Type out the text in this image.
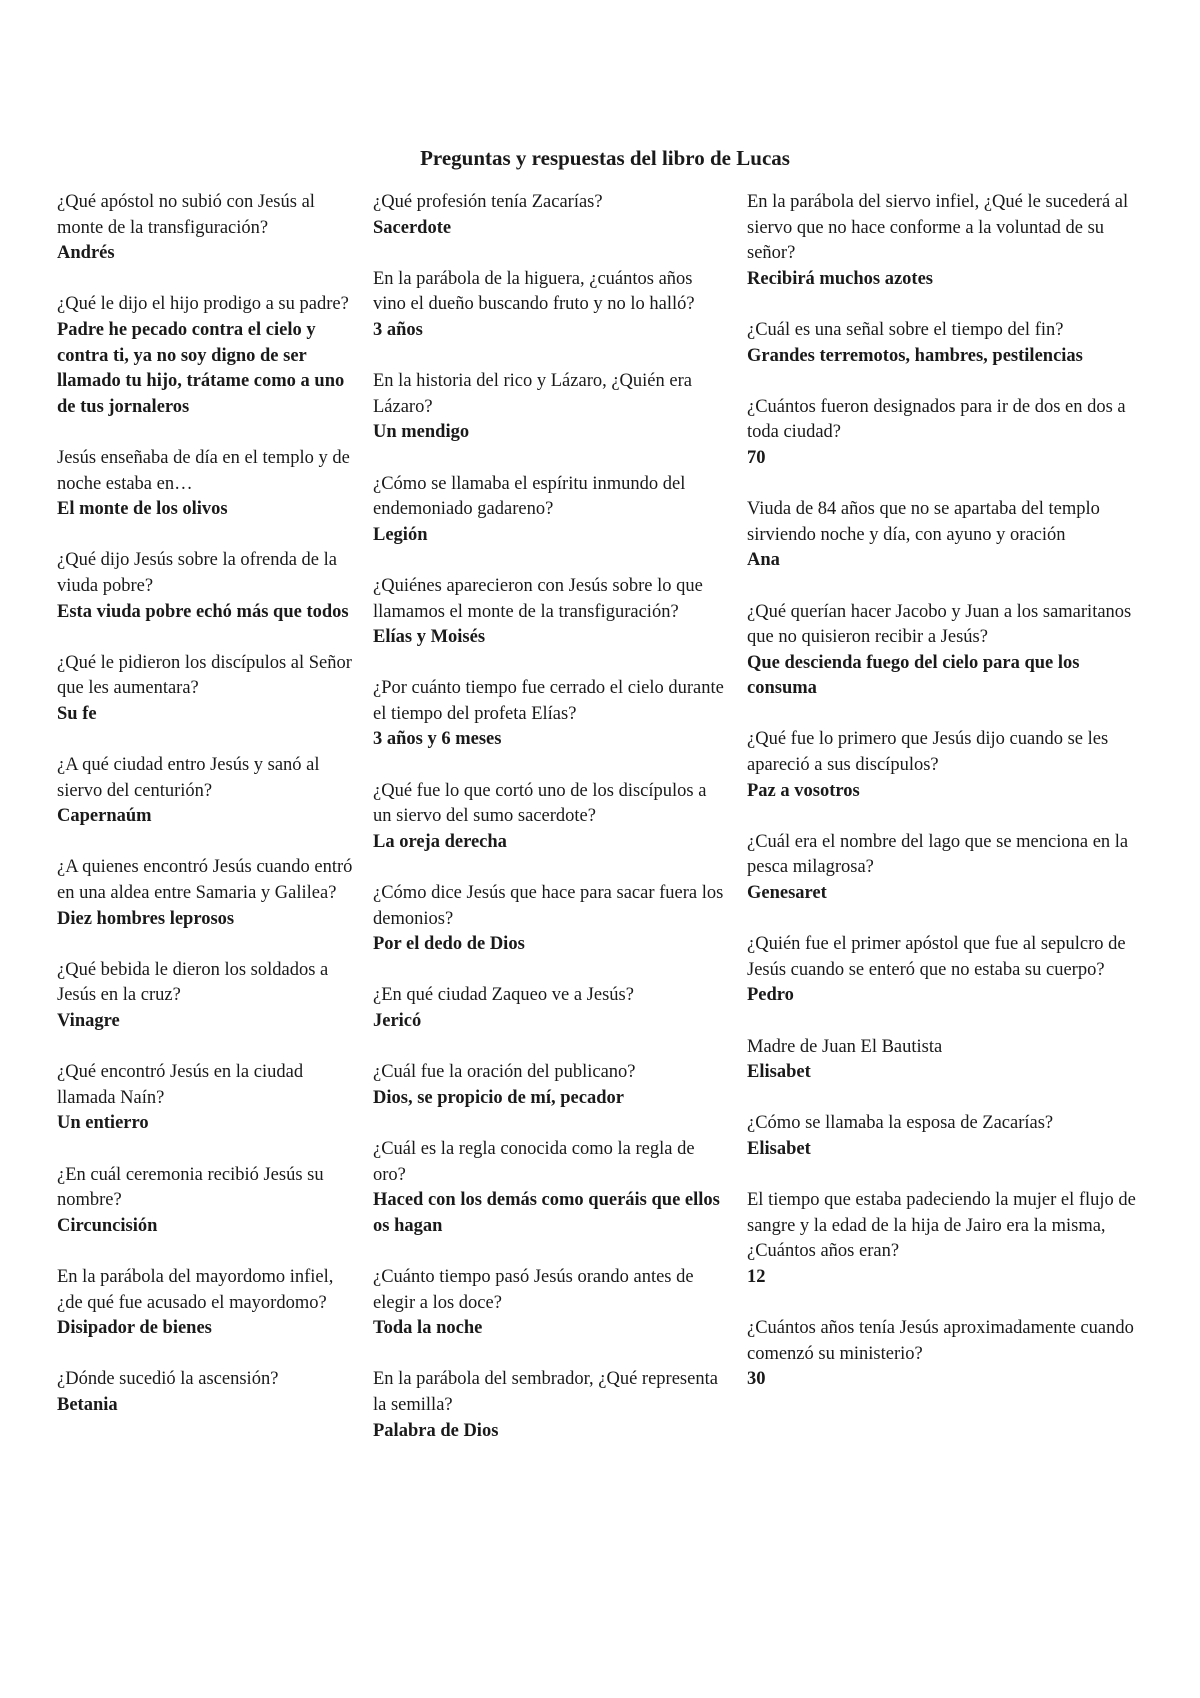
Preguntas y respuestas del libro de Lucas
¿Qué apóstol no subió con Jesús al monte de la transfiguración?
Andrés
¿Qué le dijo el hijo prodigo a su padre?
Padre he pecado contra el cielo y contra ti, ya no soy digno de ser llamado tu hijo, trátame como a uno de tus jornaleros
Jesús enseñaba de día en el templo y de noche estaba en…
El monte de los olivos
¿Qué dijo Jesús sobre la ofrenda de la viuda pobre?
Esta viuda pobre echó más que todos
¿Qué le pidieron los discípulos al Señor que les aumentara?
Su fe
¿A qué ciudad entro Jesús y sanó al siervo del centurión?
Capernaúm
¿A quienes encontró Jesús cuando entró en una aldea entre Samaria y Galilea?
Diez hombres leprosos
¿Qué bebida le dieron los soldados a Jesús en la cruz?
Vinagre
¿Qué encontró Jesús en la ciudad llamada Naín?
Un entierro
¿En cuál ceremonia recibió Jesús su nombre?
Circuncisión
En la parábola del mayordomo infiel, ¿de qué fue acusado el mayordomo?
Disipador de bienes
¿Dónde sucedió la ascensión?
Betania
¿Qué profesión tenía Zacarías?
Sacerdote
En la parábola de la higuera, ¿cuántos años vino el dueño buscando fruto y no lo halló?
3 años
En la historia del rico y Lázaro, ¿Quién era Lázaro?
Un mendigo
¿Cómo se llamaba el espíritu inmundo del endemoniado gadareno?
Legión
¿Quiénes aparecieron con Jesús sobre lo que llamamos el monte de la transfiguración?
Elías y Moisés
¿Por cuánto tiempo fue cerrado el cielo durante el tiempo del profeta Elías?
3 años y 6 meses
¿Qué fue lo que cortó uno de los discípulos a un siervo del sumo sacerdote?
La oreja derecha
¿Cómo dice Jesús que hace para sacar fuera los demonios?
Por el dedo de Dios
¿En qué ciudad Zaqueo ve a Jesús?
Jericó
¿Cuál fue la oración del publicano?
Dios, se propicio de mí, pecador
¿Cuál es la regla conocida como la regla de oro?
Haced con los demás como queráis que ellos os hagan
¿Cuánto tiempo pasó Jesús orando antes de elegir a los doce?
Toda la noche
En la parábola del sembrador, ¿Qué representa la semilla?
Palabra de Dios
En la parábola del siervo infiel, ¿Qué le sucederá al siervo que no hace conforme a la voluntad de su señor?
Recibirá muchos azotes
¿Cuál es una señal sobre el tiempo del fin?
Grandes terremotos, hambres, pestilencias
¿Cuántos fueron designados para ir de dos en dos a toda ciudad?
70
Viuda de 84 años que no se apartaba del templo sirviendo noche y día, con ayuno y oración
Ana
¿Qué querían hacer Jacobo y Juan a los samaritanos que no quisieron recibir a Jesús?
Que descienda fuego del cielo para que los consuma
¿Qué fue lo primero que Jesús dijo cuando se les apareció a sus discípulos?
Paz a vosotros
¿Cuál era el nombre del lago que se menciona en la pesca milagrosa?
Genesaret
¿Quién fue el primer apóstol que fue al sepulcro de Jesús cuando se enteró que no estaba su cuerpo?
Pedro
Madre de Juan El Bautista
Elisabet
¿Cómo se llamaba la esposa de Zacarías?
Elisabet
El tiempo que estaba padeciendo la mujer el flujo de sangre y la edad de la hija de Jairo era la misma, ¿Cuántos años eran?
12
¿Cuántos años tenía Jesús aproximadamente cuando comenzó su ministerio?
30
